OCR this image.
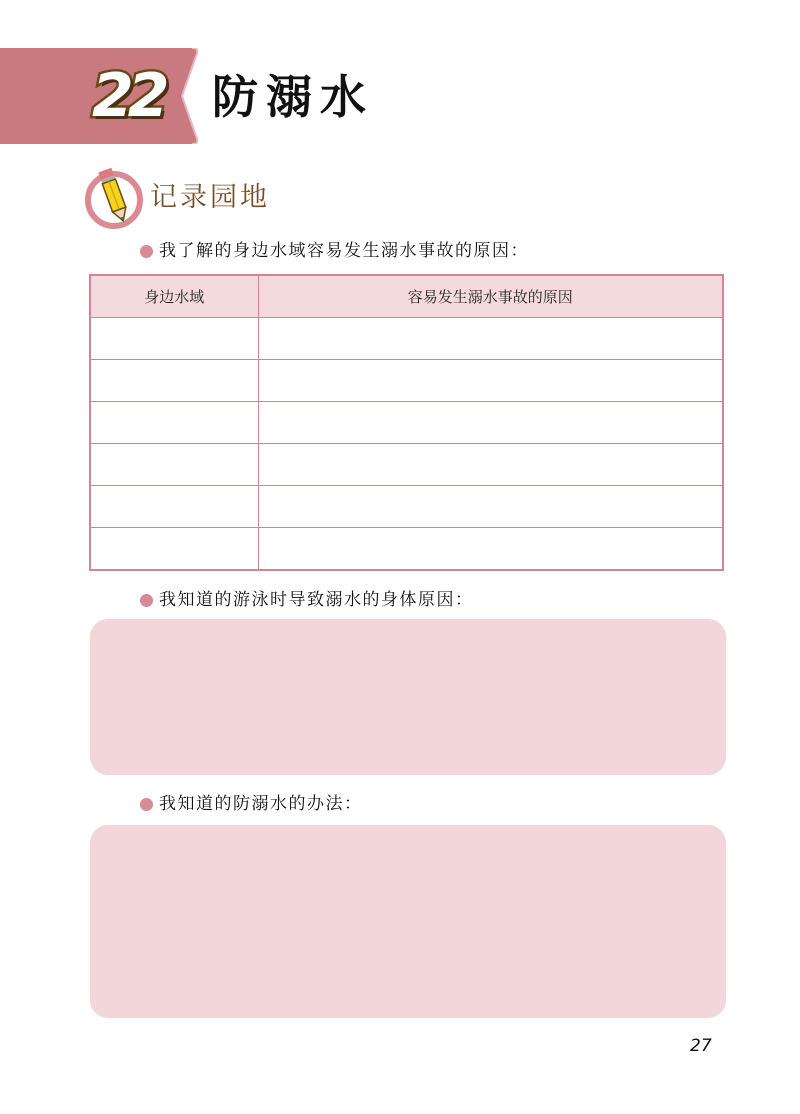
22 防溺水
记录园地
我了解的身边水域容易发生溺水事故的原因：
身边水域	容易发生溺水事故的原因

我知道的游泳时导致溺水的身体原因：
我知道的防溺水的办法：
27
